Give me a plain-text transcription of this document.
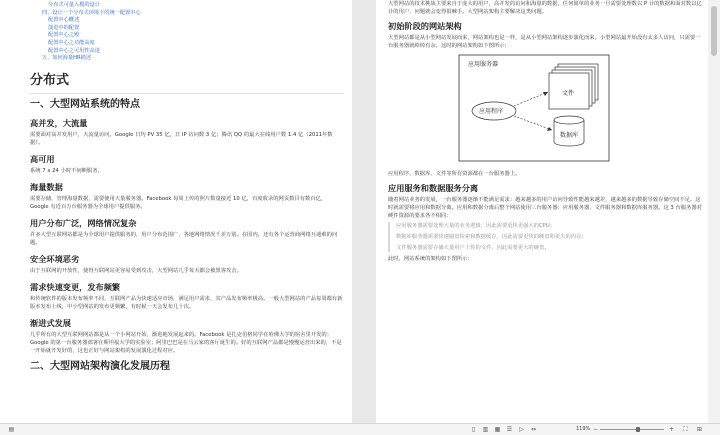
分布式可量入模的设计
四、设计一个分布式环境下的统一配置中心
配置中心概述
演进中的配置
配置中心之殿
配置中心之功能高度
配置中心之可用性高进
五、如何海量HR描述
分布式
一、大型网站系统的特点
高并发，大流量

需要面对高并发用户，大流量访问。Google 日均 PV 35 亿，日 IP 访问数 3 亿；腾讯 QQ 的最大在线用户数 1.4 亿（2011年数据）。

高可用

系统 7 x 24 小时不间断服务。

海量数据

需要存储、管理海量数据，需要使用大量服务器。Facebook 每周上传的照片数量接近 10 亿，百度收录的网页数目有数百亿，Google 有近百万台服务器为全球用户提供服务。

用户分布广泛，网络情况复杂

许多大型互联网站都是为全球用户提供服务的，用户分布范围广，各地网络情况千差万别。在国内，还有各个运营商网络互通难的问题。

安全环境恶劣

由于互联网的开放性，使得互联网站更容易受到攻击，大型网站几乎每天都会被黑客攻击。

需求快速变更，发布频繁

和传统软件的版本发布频率不同，互联网产品为快速适应市场，满足用户需求，其产品发布频率极高。一般大型网站的产品每周都有新版本发布上线，中小型网站的发布更频繁，有时候一天会发布几十次。

渐进式发展

几乎所有的大型互联网网站都是从一个小网站开始，渐进地发展起来的。Facebook 是扎克伯格同学在哈佛大学的宿舍里开发的；Google 的第一台服务器部署在斯坦福大学的实验室；阿里巴巴是在马云家的客厅诞生的。好的互联网产品都是慢慢运营出来的，不是一开始就开发好的，这也正好与网站架构的发展演化过程对应。

二、大型网站架构演化发展历程

大型网站的技术挑战主要来自于庞大的用户，高并发的访问和海量的数据，任何简单的业务一旦需要处理数以 P 计的数据和面对数以亿计的用户，问题就会变得很棘手。大型网站架构主要解决这类问题。

初始阶段的网站架构

大型网站都是从小型网站发展而来，网站架构也是一样，是从小型网站架构逐步演化而来。小型网站最开始没有太多人访问，只需要一台服务器就绰绰有余，这时的网站架构如下图所示：

应用服务器
文件
应用程序
数据库

应用程序、数据库、文件等所有资源都在一台服务器上。

应用服务和数据服务分离

随着网站业务的发展，一台服务器逐渐不能满足需求：越来越多的用户访问导致性能越来越差，越来越多的数据导致存储空间不足。这时就需要将应用和数据分离。应用和数据分离后整个网站使用三台服务器：应用服务器、文件服务器和数据库服务器。这 3 台服务器对硬件资源的要求各不相同：

应用服务器需要处理大量的业务逻辑，因此需要更快更强大的CPU；

数据库服务器需要快速磁盘检索和数据缓存，因此需要更快的硬盘和更大的内存；

文件服务器需要存储大量用户上传的文件，因此需要更大的硬盘。

此时，网站系统的架构如下图所示：

▤	▯	▥ ▦ ☰ ▷ ⇔	119% −	+ ⛶ ⊞
